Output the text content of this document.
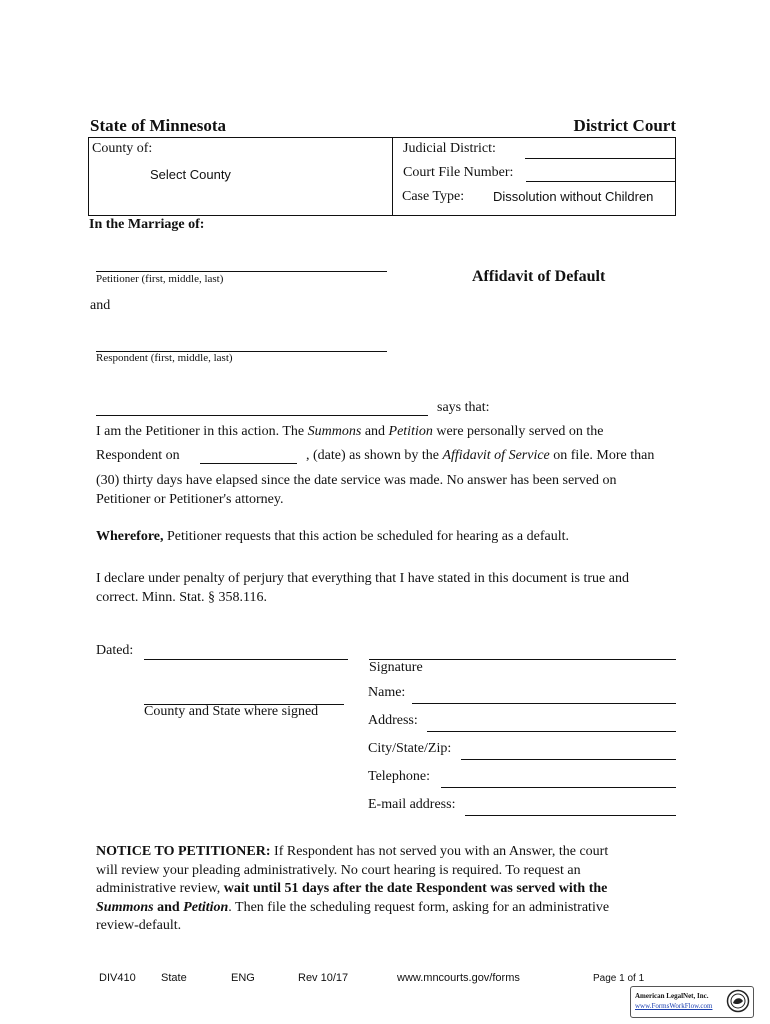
State of Minnesota	District Court
County of:
Select County
Judicial District:
Court File Number:
Case Type: Dissolution without Children
In the Marriage of:
Petitioner (first, middle, last)	Affidavit of Default
and
Respondent (first, middle, last)
says that:
I am the Petitioner in this action. The Summons and Petition were personally served on the
Respondent on	, (date) as shown by the Affidavit of Service on file. More than
(30) thirty days have elapsed since the date service was made. No answer has been served on
Petitioner or Petitioner's attorney.
Wherefore, Petitioner requests that this action be scheduled for hearing as a default.
I declare under penalty of perjury that everything that I have stated in this document is true and
correct. Minn. Stat. § 358.116.
Dated:
Signature
Name:
County and State where signed
Address:
City/State/Zip:
Telephone:
E-mail address:
NOTICE TO PETITIONER: If Respondent has not served you with an Answer, the court
will review your pleading administratively. No court hearing is required. To request an
administrative review, wait until 51 days after the date Respondent was served with the
Summons and Petition. Then file the scheduling request form, asking for an administrative
review-default.
DIV410 State	ENG	Rev 10/17	www.mncourts.gov/forms	Page 1 of 1
American LegalNet, Inc.
www.FormsWorkFlow.com
